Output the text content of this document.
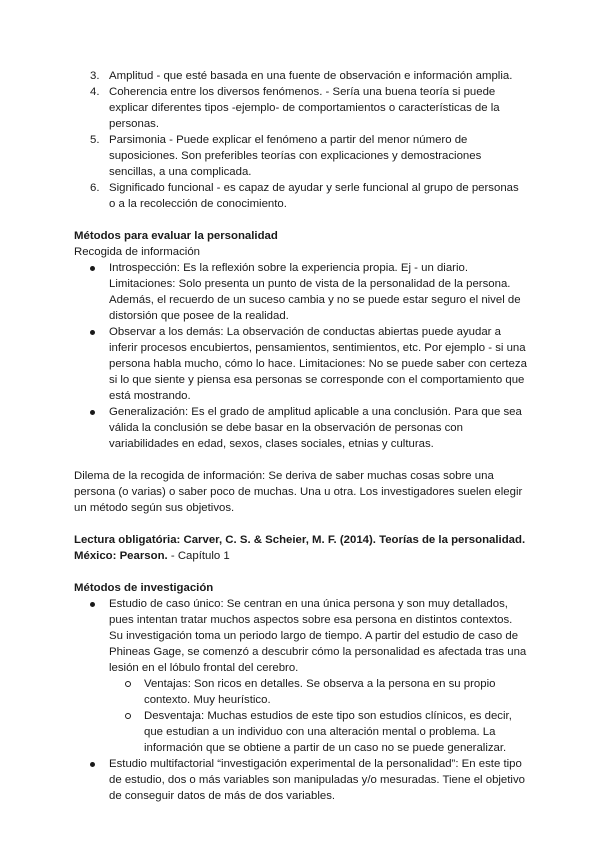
3. Amplitud - que esté basada en una fuente de observación e información amplia.
4. Coherencia entre los diversos fenómenos. - Sería una buena teoría si puede explicar diferentes tipos -ejemplo- de comportamientos o características de la personas.
5. Parsimonia - Puede explicar el fenómeno a partir del menor número de suposiciones. Son preferibles teorías con explicaciones y demostraciones sencillas, a una complicada.
6. Significado funcional - es capaz de ayudar y serle funcional al grupo de personas o a la recolección de conocimiento.

Métodos para evaluar la personalidad

Recogida de información

Introspección: Es la reflexión sobre la experiencia propia. Ej - un diario. Limitaciones: Solo presenta un punto de vista de la personalidad de la persona. Además, el recuerdo de un suceso cambia y no se puede estar seguro el nivel de distorsión que posee de la realidad.
Observar a los demás: La observación de conductas abiertas puede ayudar a inferir procesos encubiertos, pensamientos, sentimientos, etc. Por ejemplo - si una persona habla mucho, cómo lo hace. Limitaciones: No se puede saber con certeza si lo que siente y piensa esa personas se corresponde con el comportamiento que está mostrando.
Generalización: Es el grado de amplitud aplicable a una conclusión. Para que sea válida la conclusión se debe basar en la observación de personas con variabilidades en edad, sexos, clases sociales, etnias y culturas.

Dilema de la recogida de información: Se deriva de saber muchas cosas sobre una persona (o varias) o saber poco de muchas. Una u otra. Los investigadores suelen elegir un método según sus objetivos.

Lectura obligatória: Carver, C. S. & Scheier, M. F. (2014). Teorías de la personalidad. México: Pearson. - Capítulo 1

Métodos de investigación

Estudio de caso único: Se centran en una única persona y son muy detallados, pues intentan tratar muchos aspectos sobre esa persona en distintos contextos. Su investigación toma un periodo largo de tiempo. A partir del estudio de caso de Phineas Gage, se comenzó a descubrir cómo la personalidad es afectada tras una lesión en el lóbulo frontal del cerebro.
Ventajas: Son ricos en detalles. Se observa a la persona en su propio contexto. Muy heurístico.
Desventaja: Muchas estudios de este tipo son estudios clínicos, es decir, que estudian a un individuo con una alteración mental o problema. La información que se obtiene a partir de un caso no se puede generalizar.
Estudio multifactorial “investigación experimental de la personalidad”: En este tipo de estudio, dos o más variables son manipuladas y/o mesuradas. Tiene el objetivo de conseguir datos de más de dos variables.
